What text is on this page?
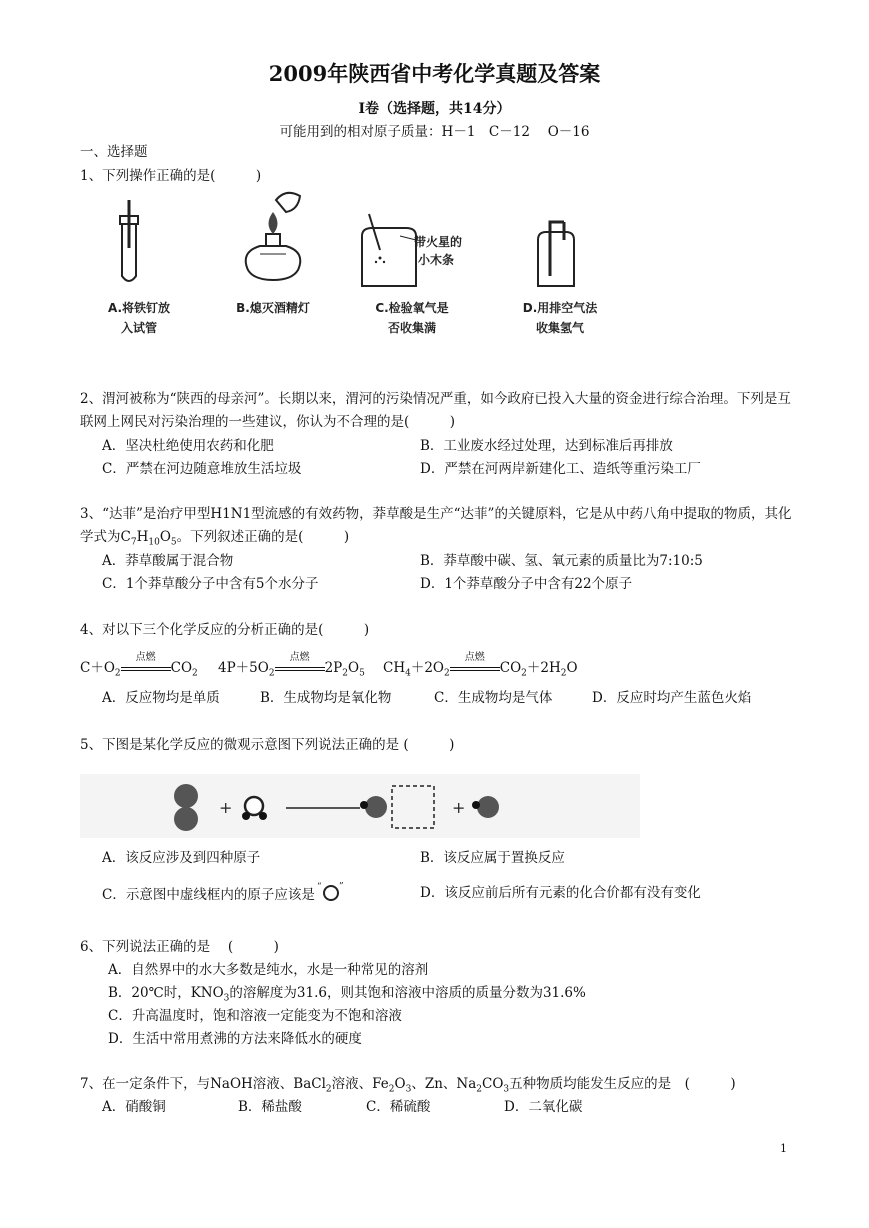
2009年陕西省中考化学真题及答案
Ⅰ卷（选择题，共14分）
可能用到的相对原子质量：H－1　C－12　 O－16
一、选择题
1、下列操作正确的是(　　　)
带火星的
小木条
A.将铁钉放
入试管
B.熄灭酒精灯	C.检验氧气是
否收集满
D.用排空气法
收集氢气
2、渭河被称为“陕西的母亲河”。长期以来，渭河的污染情况严重，如今政府已投入大量的资金进行综合治理。下列是互联网上网民对污染治理的一些建议，你认为不合理的是(　　　)
A．坚决杜绝使用农药和化肥	B．工业废水经过处理，达到标准后再排放
C．严禁在河边随意堆放生活垃圾	D．严禁在河两岸新建化工、造纸等重污染工厂
3、“达菲”是治疗甲型H1N1型流感的有效药物，莽草酸是生产“达菲”的关键原料，它是从中药八角中提取的物质，其化学式为$C_7H_{10}O_5$。下列叙述正确的是(　　　)
A．莽草酸属于混合物	B．莽草酸中碳、氢、氧元素的质量比为7:10:5
C．1个莽草酸分子中含有5个水分子	D．1个莽草酸分子中含有22个原子
4、对以下三个化学反应的分析正确的是(　　　)
$C+O_2$
点燃
$CO_2$ $4P+5O_2$
点燃
$2P_2O_5$ $CH_4+2O_2$
点燃
$CO_2+2H_2O$
A．反应物均是单质	B．生成物均是氧化物	C．生成物均是气体	D．反应时均产生蓝色火焰
5、下图是某化学反应的微观示意图下列说法正确的是 (　　　)
+	+
A．该反应涉及到四种原子	B．该反应属于置换反应
C．示意图中虚线框内的原子应该是 “ ”	D．该反应前后所有元素的化合价都有没有变化
6、下列说法正确的是　 (　　　)
A．自然界中的水大多数是纯水，水是一种常见的溶剂
B．20℃时，$KNO_3$的溶解度为31.6，则其饱和溶液中溶质的质量分数为31.6%
C．升高温度时，饱和溶液一定能变为不饱和溶液
D．生活中常用煮沸的方法来降低水的硬度
7、在一定条件下，与NaOH溶液、BaCl$_2$溶液、$Fe_2O_3$、Zn、$Na_2CO_3$五种物质均能发生反应的是　(　　　)
A．硝酸铜	B．稀盐酸	C．稀硫酸	D．二氧化碳
1
